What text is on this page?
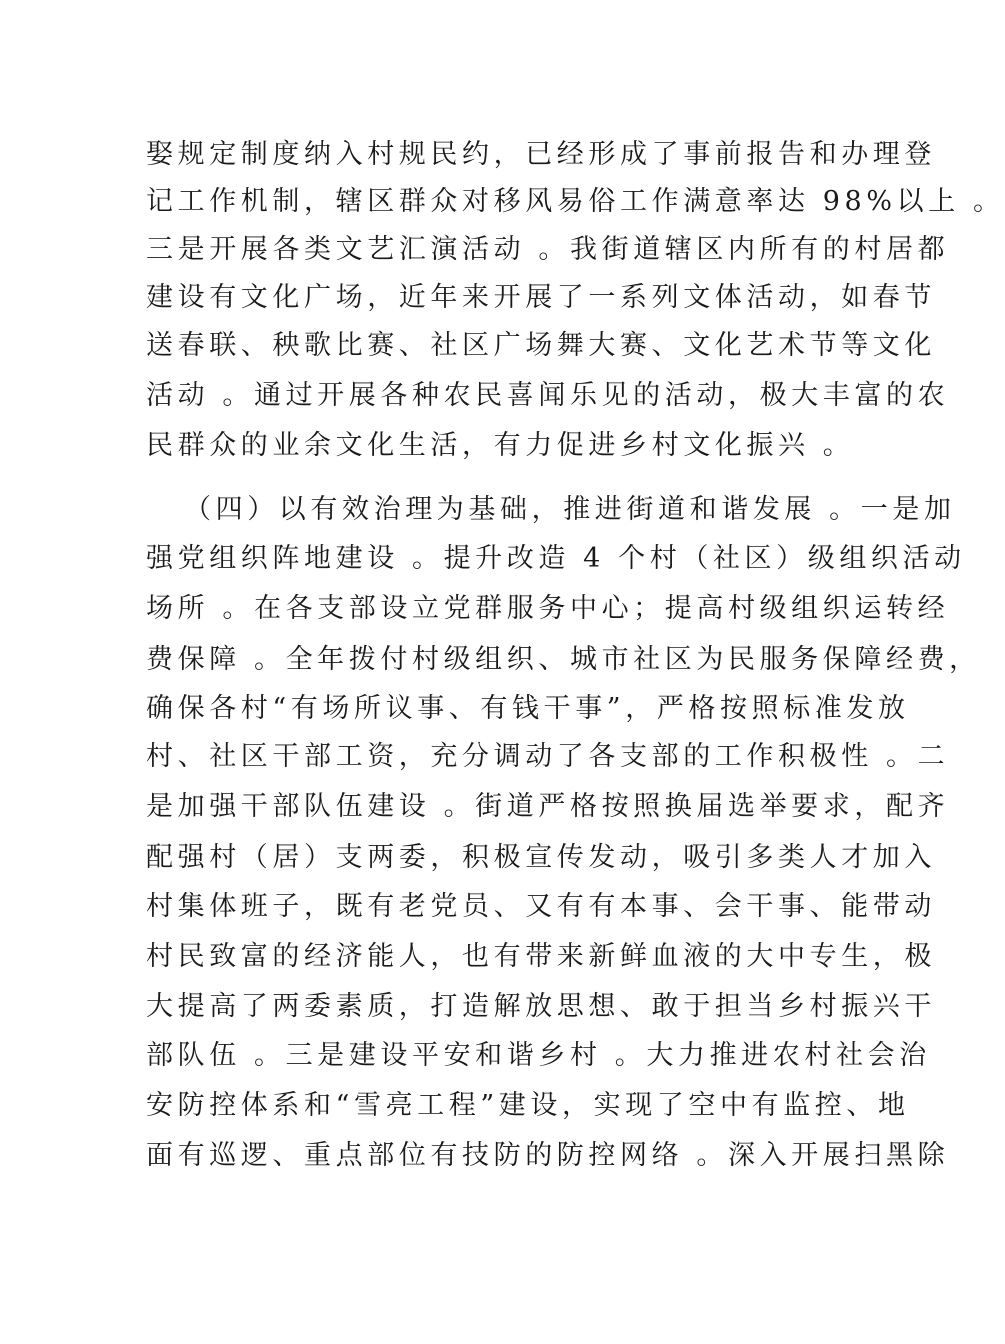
娶规定制度纳入村规民约，已经形成了事前报告和办理登
记工作机制，辖区群众对移风易俗工作满意率达 98%以上 。
三是开展各类文艺汇演活动 。我街道辖区内所有的村居都
建设有文化广场，近年来开展了一系列文体活动，如春节
送春联、秧歌比赛、社区广场舞大赛、文化艺术节等文化
活动 。通过开展各种农民喜闻乐见的活动，极大丰富的农
民群众的业余文化生活，有力促进乡村文化振兴 。
（四）以有效治理为基础，推进街道和谐发展 。一是加
强党组织阵地建设 。提升改造 4 个村（社区）级组织活动
场所 。在各支部设立党群服务中心；提高村级组织运转经
费保障 。全年拨付村级组织、城市社区为民服务保障经费，
确保各村“有场所议事、有钱干事”，严格按照标准发放
村、社区干部工资，充分调动了各支部的工作积极性 。二
是加强干部队伍建设 。街道严格按照换届选举要求，配齐
配强村（居）支两委，积极宣传发动，吸引多类人才加入
村集体班子，既有老党员、又有有本事、会干事、能带动
村民致富的经济能人，也有带来新鲜血液的大中专生，极
大提高了两委素质，打造解放思想、敢于担当乡村振兴干
部队伍 。三是建设平安和谐乡村 。大力推进农村社会治
安防控体系和“雪亮工程”建设，实现了空中有监控、地
面有巡逻、重点部位有技防的防控网络 。深入开展扫黑除
